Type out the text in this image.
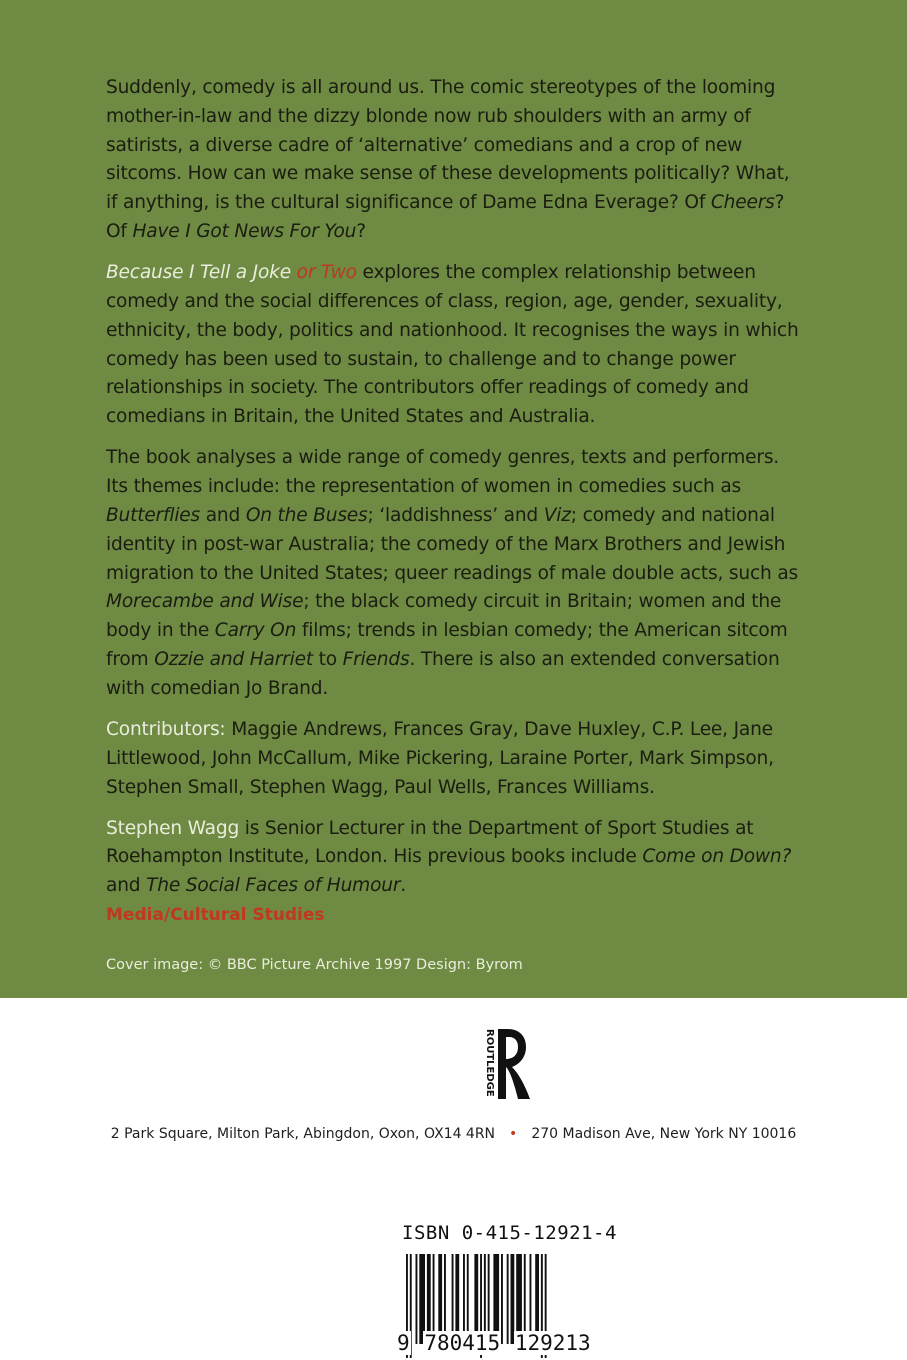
Suddenly, comedy is all around us. The comic stereotypes of the looming mother-in-law and the dizzy blonde now rub shoulders with an army of satirists, a diverse cadre of ‘alternative’ comedians and a crop of new sitcoms. How can we make sense of these developments politically? What, if anything, is the cultural significance of Dame Edna Everage? Of Cheers? Of Have I Got News For You?

Because I Tell a Joke or Two explores the complex relationship between comedy and the social differences of class, region, age, gender, sexuality, ethnicity, the body, politics and nationhood. It recognises the ways in which comedy has been used to sustain, to challenge and to change power relationships in society. The contributors offer readings of comedy and comedians in Britain, the United States and Australia.

The book analyses a wide range of comedy genres, texts and performers. Its themes include: the representation of women in comedies such as Butterflies and On the Buses; ‘laddishness’ and Viz; comedy and national identity in post-war Australia; the comedy of the Marx Brothers and Jewish migration to the United States; queer readings of male double acts, such as Morecambe and Wise; the black comedy circuit in Britain; women and the body in the Carry On films; trends in lesbian comedy; the American sitcom from Ozzie and Harriet to Friends. There is also an extended conversation with comedian Jo Brand.

Contributors: Maggie Andrews, Frances Gray, Dave Huxley, C.P. Lee, Jane Littlewood, John McCallum, Mike Pickering, Laraine Porter, Mark Simpson, Stephen Small, Stephen Wagg, Paul Wells, Frances Williams.

Stephen Wagg is Senior Lecturer in the Department of Sport Studies at Roehampton Institute, London. His previous books include Come on Down? and The Social Faces of Humour.

Media/Cultural Studies
Cover image: © BBC Picture Archive 1997 Design: Byrom
ROUTLEDGE
2 Park Square, Milton Park, Abingdon, Oxon, OX14 4RN • 270 Madison Ave, New York NY 10016
ISBN 0-415-12921-4
9 780415 129213
